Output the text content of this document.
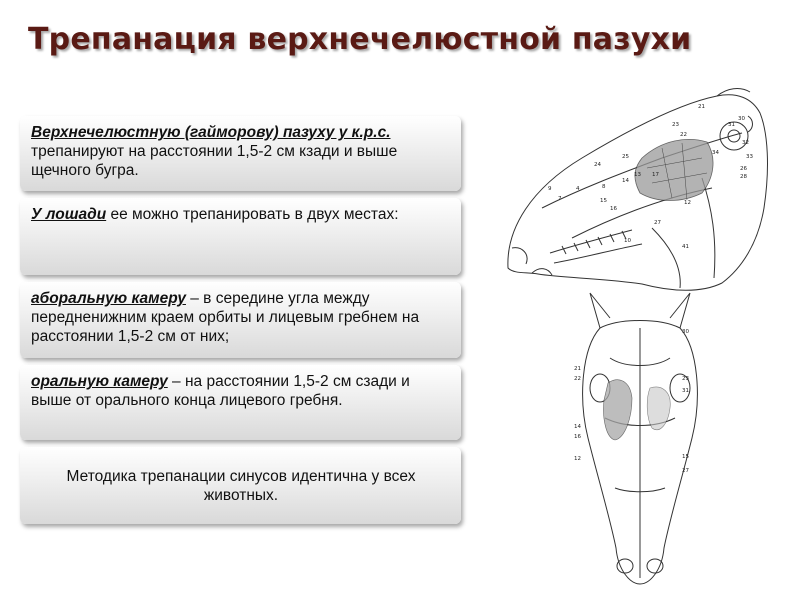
Трепанация верхнечелюстной пазухи
Верхнечелюстную (гайморову) пазуху у к.р.с. трепанируют на расстоянии 1,5-2 см кзади и выше щечного бугра.
У лошади ее можно трепанировать в двух местах:
аборальную камеру – в середине угла между передненижним краем орбиты и лицевым гребнем на расстоянии 1,5-2 см от них;
оральную камеру – на расстоянии 1,5-2 см сзади и выше от орального конца лицевого гребня.
Методика трепанации синусов идентична у всех животных.
21
23
22
30
31
32
33
34
24
25
26
28
4
9
7
8
14
13
12
15
16
17
27
10
41
30
21
22	23
31
14
16
12	15
27
